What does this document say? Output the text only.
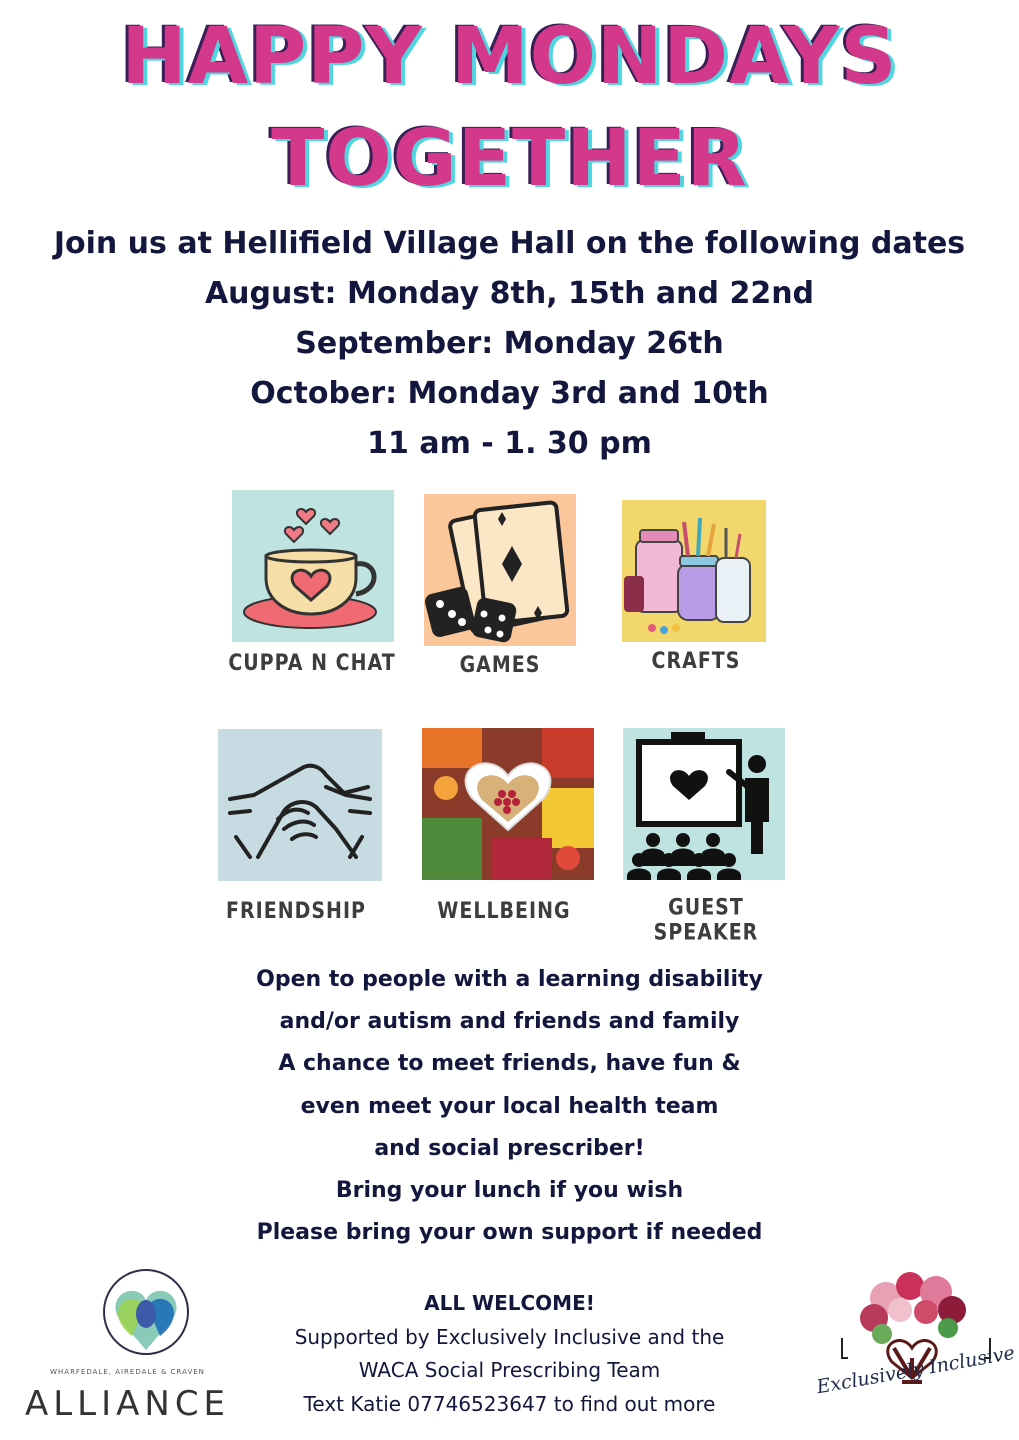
HAPPY MONDAYS
TOGETHER
Join us at Hellifield Village Hall on the following dates
August: Monday 8th, 15th and 22nd
September: Monday 26th
October: Monday 3rd and 10th
11 am - 1. 30 pm
CUPPA N CHAT	GAMES	CRAFTS
FRIENDSHIP	WELLBEING	GUEST SPEAKER
Open to people with a learning disability
and/or autism and friends and family
A chance to meet friends, have fun &
even meet your local health team
and social prescriber!
Bring your lunch if you wish
Please bring your own support if needed
ALL WELCOME!
Supported by Exclusively Inclusive and the
WACA Social Prescribing Team
Text Katie 07746523647 to find out more
WHARFEDALE, AIREDALE & CRAVEN
ALLIANCE
Exclusively Inclusive
